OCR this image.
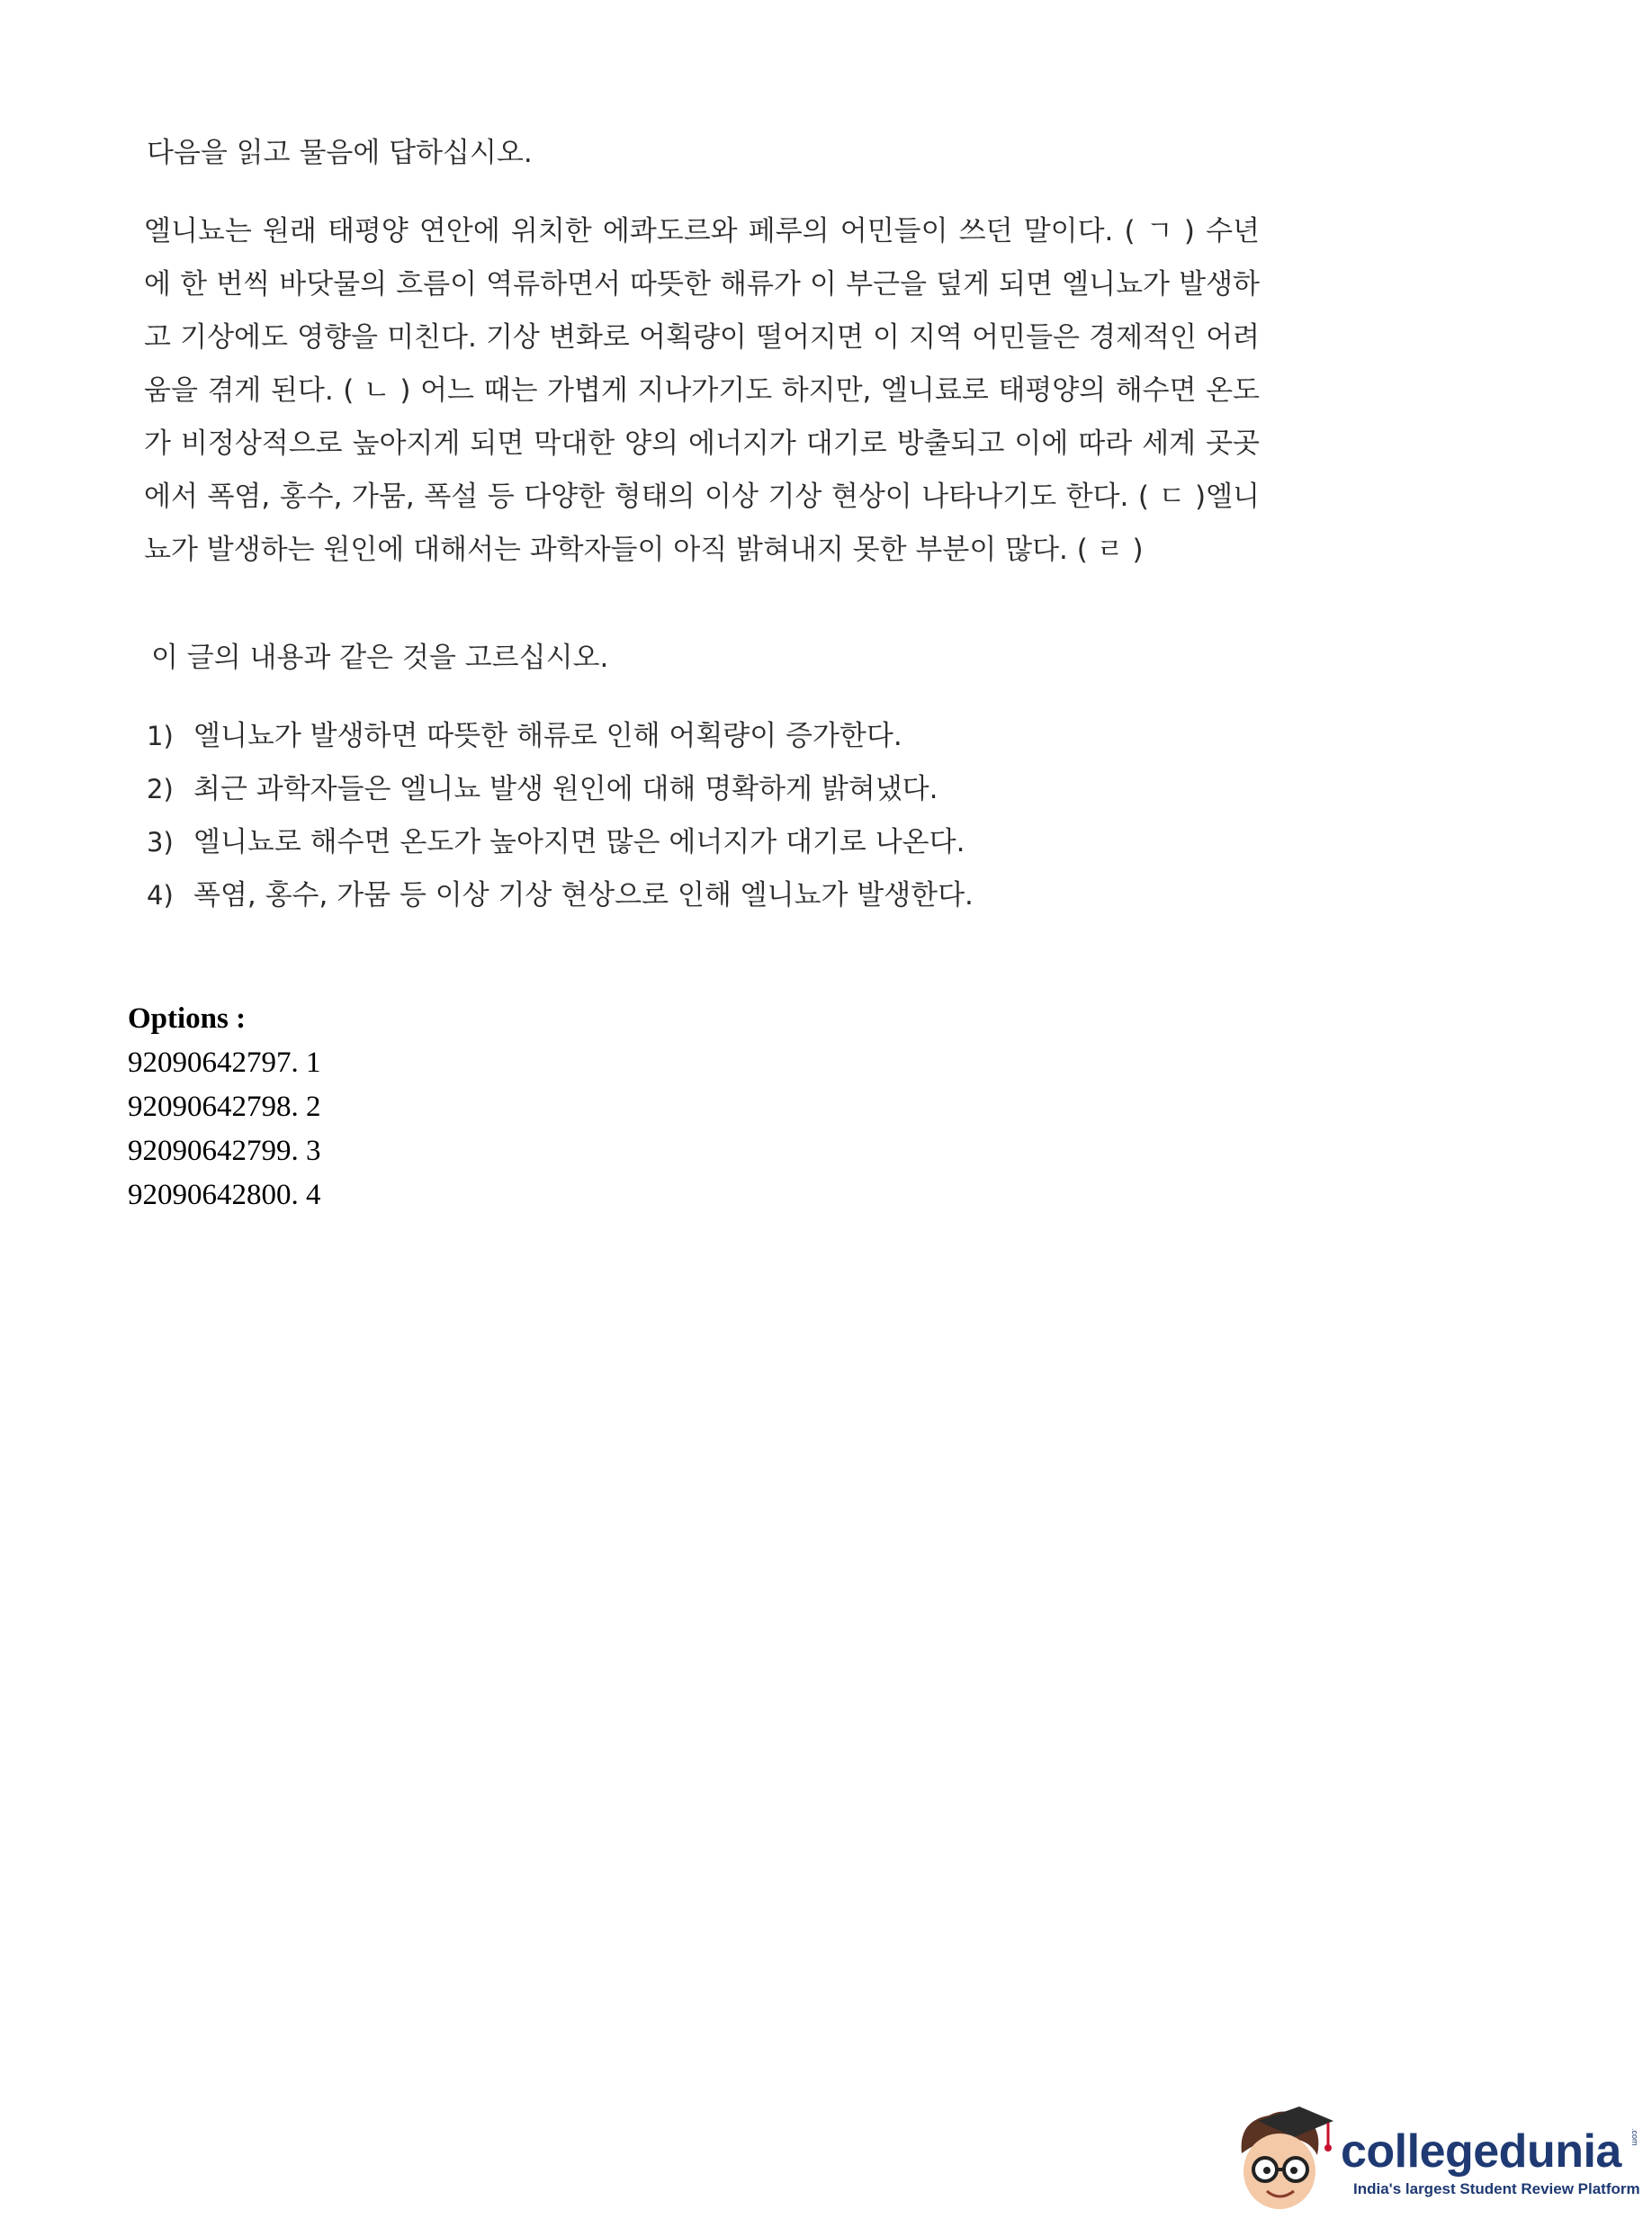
다음을 읽고 물음에 답하십시오.
엘니뇨는 원래 태평양 연안에 위치한 에콰도르와 페루의 어민들이 쓰던 말이다. ( ㄱ ) 수년에 한 번씩 바닷물의 흐름이 역류하면서 따뜻한 해류가 이 부근을 덮게 되면 엘니뇨가 발생하고 기상에도 영향을 미친다. 기상 변화로 어획량이 떨어지면 이 지역 어민들은 경제적인 어려움을 겪게 된다. ( ㄴ ) 어느 때는 가볍게 지나가기도 하지만, 엘니료로 태평양의 해수면 온도가 비정상적으로 높아지게 되면 막대한 양의 에너지가 대기로 방출되고 이에 따라 세계 곳곳에서 폭염, 홍수, 가뭄, 폭설 등 다양한 형태의 이상 기상 현상이 나타나기도 한다. ( ㄷ )엘니뇨가 발생하는 원인에 대해서는 과학자들이 아직 밝혀내지 못한 부분이 많다. ( ㄹ )
이 글의 내용과 같은 것을 고르십시오.
1) 엘니뇨가 발생하면 따뜻한 해류로 인해 어획량이 증가한다.
2) 최근 과학자들은 엘니뇨 발생 원인에 대해 명확하게 밝혀냈다.
3) 엘니뇨로 해수면 온도가 높아지면 많은 에너지가 대기로 나온다.
4) 폭염, 홍수, 가뭄 등 이상 기상 현상으로 인해 엘니뇨가 발생한다.
Options :
92090642797. 1
92090642798. 2
92090642799. 3
92090642800. 4
collegedunia .com
India's largest Student Review Platform
